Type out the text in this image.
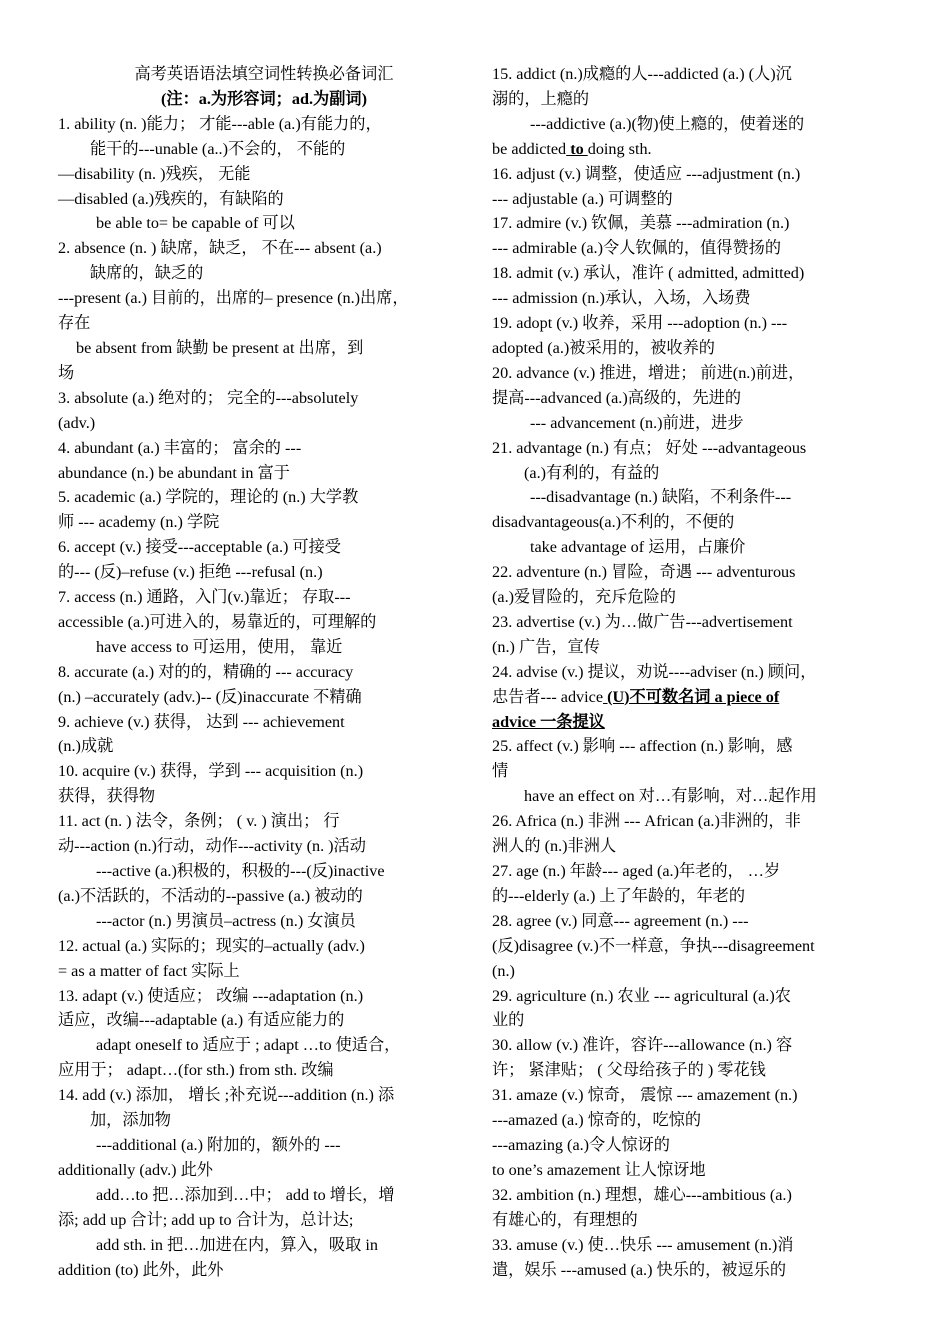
高考英语语法填空词性转换必备词汇
(注：a.为形容词；ad.为副词)
1. ability (n. )能力； 才能---able (a.)有能力的，
能干的---unable (a..)不会的， 不能的
—disability (n. )残疾， 无能
—disabled (a.)残疾的，有缺陷的
be able to= be capable of 可以
2. absence (n. ) 缺席，缺乏， 不在--- absent (a.)
缺席的，缺乏的
---present (a.) 目前的，出席的– presence (n.)出席，
存在
be absent from 缺勤 be present at 出席，到
场
3. absolute (a.) 绝对的； 完全的---absolutely
(adv.)
4. abundant (a.) 丰富的； 富余的 ---
abundance (n.) be abundant in 富于
5. academic (a.) 学院的，理论的 (n.) 大学教
师 --- academy (n.) 学院
6. accept (v.) 接受---acceptable (a.) 可接受
的--- (反)–refuse (v.) 拒绝 ---refusal (n.)
7. access (n.) 通路，入门(v.)靠近； 存取---
accessible (a.)可进入的，易靠近的，可理解的
have access to 可运用，使用， 靠近
8. accurate (a.) 对的的，精确的 --- accuracy
(n.) –accurately (adv.)-- (反)inaccurate 不精确
9. achieve (v.) 获得， 达到 --- achievement
(n.)成就
10. acquire (v.) 获得，学到 --- acquisition (n.)
获得，获得物
11. act (n. ) 法令，条例； ( v. ) 演出； 行
动---action (n.)行动，动作---activity (n. )活动
---active (a.)积极的，积极的---(反)inactive
(a.)不活跃的，不活动的--passive (a.) 被动的
---actor (n.) 男演员–actress (n.) 女演员
12. actual (a.) 实际的；现实的–actually (adv.)
= as a matter of fact 实际上
13. adapt (v.) 使适应； 改编 ---adaptation (n.)
适应，改编---adaptable (a.) 有适应能力的
adapt oneself to 适应于 ; adapt …to 使适合，
应用于； adapt…(for sth.) from sth. 改编
14. add (v.) 添加， 增长 ;补充说---addition (n.) 添
加，添加物
---additional (a.) 附加的，额外的 ---
additionally (adv.) 此外
add…to 把…添加到…中； add to 增长，增
添; add up 合计; add up to 合计为，总计达;
add sth. in 把…加进在内，算入，吸取 in
addition (to) 此外，此外
15. addict (n.)成瘾的人---addicted (a.) (人)沉
溺的，上瘾的
---addictive (a.)(物)使上瘾的，使着迷的
be addicted to doing sth.
16. adjust (v.) 调整，使适应 ---adjustment (n.)
--- adjustable (a.) 可调整的
17. admire (v.) 钦佩，美慕 ---admiration (n.)
--- admirable (a.)令人钦佩的，值得赞扬的
18. admit (v.) 承认，准许 ( admitted, admitted)
--- admission (n.)承认，入场，入场费
19. adopt (v.) 收养，采用 ---adoption (n.) ---
adopted (a.)被采用的，被收养的
20. advance (v.) 推进，增进； 前进(n.)前进，
提高---advanced (a.)高级的，先进的
--- advancement (n.)前进，进步
21. advantage (n.) 有点； 好处 ---advantageous
(a.)有利的，有益的
---disadvantage (n.) 缺陷，不利条件---
disadvantageous(a.)不利的，不便的
take advantage of 运用，占廉价
22. adventure (n.) 冒险，奇遇 --- adventurous
(a.)爱冒险的，充斥危险的
23. advertise (v.) 为…做广告---advertisement
(n.) 广告，宣传
24. advise (v.) 提议，劝说----adviser (n.) 顾问，
忠告者--- advice (U)不可数名词 a piece of
advice 一条提议
25. affect (v.) 影响 --- affection (n.) 影响，感
情
have an effect on 对…有影响，对…起作用
26. Africa (n.) 非洲 --- African (a.)非洲的，非
洲人的 (n.)非洲人
27. age (n.) 年龄--- aged (a.)年老的， …岁
的---elderly (a.) 上了年龄的，年老的
28. agree (v.) 同意--- agreement (n.) ---
(反)disagree (v.)不一样意，争执---disagreement
(n.)
29. agriculture (n.) 农业 --- agricultural (a.)农
业的
30. allow (v.) 准许，容许---allowance (n.) 容
许； 紧津贴； ( 父母给孩子的 ) 零花钱
31. amaze (v.) 惊奇， 震惊 --- amazement (n.)
---amazed (a.) 惊奇的，吃惊的
---amazing (a.)令人惊讶的
to one’s amazement 让人惊讶地
32. ambition (n.) 理想，雄心---ambitious (a.)
有雄心的，有理想的
33. amuse (v.) 使…快乐 --- amusement (n.)消
遣，娱乐 ---amused (a.) 快乐的，被逗乐的
